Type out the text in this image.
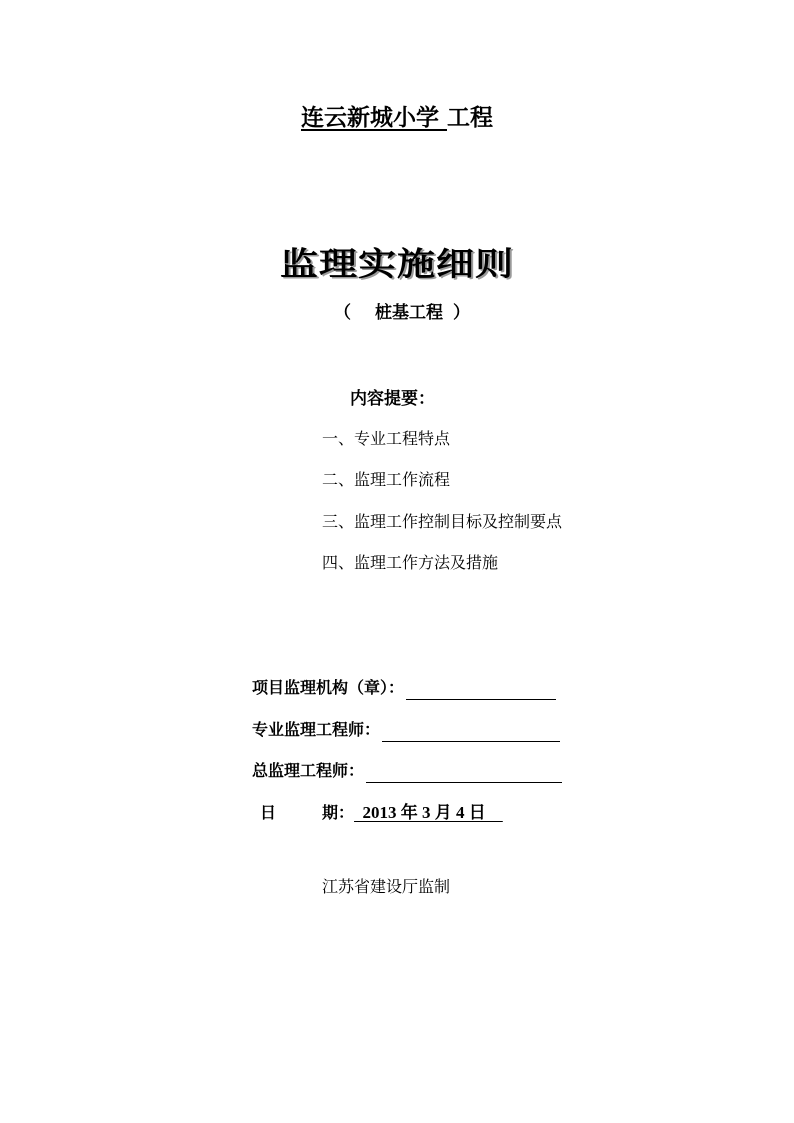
连云新城小学 工程
监理实施细则
（ 桩基工程 ）
内容提要：
一、专业工程特点
二、监理工作流程
三、监理工作控制目标及控制要点
四、监理工作方法及措施
项目监理机构（章）：
专业监理工程师：
总监理工程师：
日	期：  2013 年 3 月 4 日
江苏省建设厅监制
